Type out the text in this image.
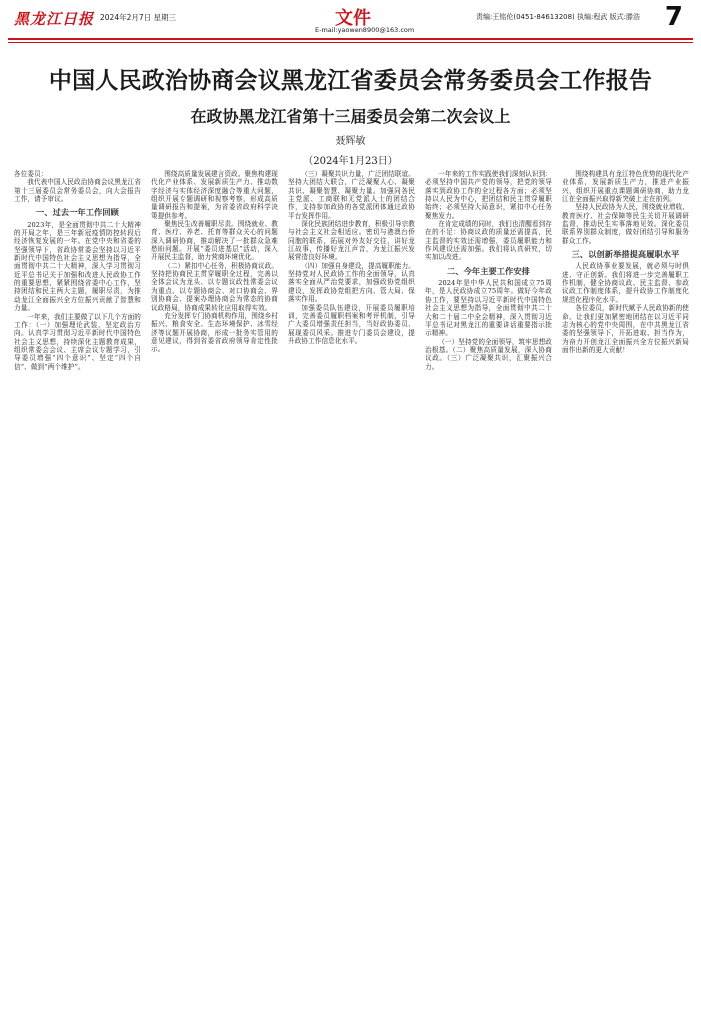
黑龙江日报 2024年2月7日 星期三	文件
E-mail:yaowen8900@163.com
责编:王铭伦(0451-84613208) 执编:程武 版式:滕浩 7
中国人民政治协商会议黑龙江省委员会常务委员会工作报告
在政协黑龙江省第十三届委员会第二次会议上
聂辉敏
（2024年1月23日）

各位委员：

我代表中国人民政治协商会议黑龙江省第十三届委员会常务委员会，向大会报告工作，请予审议。

一、过去一年工作回顾

2023年，是全面贯彻中共二十大精神的开局之年，是三年新冠疫情防控转段后经济恢复发展的一年。在党中央和省委的坚强领导下，省政协常委会坚持以习近平新时代中国特色社会主义思想为指导，全面贯彻中共二十大精神，深入学习贯彻习近平总书记关于加强和改进人民政协工作的重要思想，紧紧围绕省委中心工作，坚持团结和民主两大主题，履职尽责，为推动龙江全面振兴全方位振兴贡献了智慧和力量。

一年来，我们主要做了以下几个方面的工作：（一）加强理论武装，坚定政治方向。认真学习贯彻习近平新时代中国特色社会主义思想，持续深化主题教育成果，组织常委会会议、主席会议专题学习，引导委员增强“四个意识”、坚定“四个自信”、做到“两个维护”。

围绕高质量发展建言资政。聚焦构建现代化产业体系、发展新质生产力、推动数字经济与实体经济深度融合等重大问题，组织开展专题调研和视察考察，形成高质量调研报告和提案，为省委省政府科学决策提供参考。

聚焦民生改善履职尽责。围绕就业、教育、医疗、养老、托育等群众关心的问题深入调研协商，推动解决了一批群众急难愁盼问题。开展“委员进基层”活动，深入开展民主监督，助力营商环境优化。

（二）紧扣中心任务，积极协商议政。坚持把协商民主贯穿履职全过程，完善以全体会议为龙头、以专题议政性常委会议为重点、以专题协商会、对口协商会、界别协商会、提案办理协商会为常态的协商议政格局，协商成果转化应用取得实效。

充分发挥专门协商机构作用，围绕乡村振兴、粮食安全、生态环境保护、冰雪经济等议题开展协商，形成一批务实管用的意见建议，得到省委省政府领导肯定性批示。

（三）凝聚共识力量，广泛团结联谊。坚持大团结大联合，广泛凝聚人心、凝聚共识、凝聚智慧、凝聚力量。加强同各民主党派、工商联和无党派人士的团结合作，支持参加政协的各党派团体通过政协平台发挥作用。

深化民族团结进步教育，积极引导宗教与社会主义社会相适应。密切与港澳台侨同胞的联系，拓展对外友好交往，讲好龙江故事，传播好龙江声音，为龙江振兴发展营造良好环境。

（四）加强自身建设，提高履职能力。坚持党对人民政协工作的全面领导，认真落实全面从严治党要求，加强政协党组织建设，发挥政协党组把方向、管大局、保落实作用。

加强委员队伍建设，开展委员履职培训，完善委员履职档案和考评机制，引导广大委员增强责任担当，当好政协委员、展现委员风采。推进专门委员会建设，提升政协工作信息化水平。

一年来的工作实践使我们深刻认识到：必须坚持中国共产党的领导，把党的领导落实到政协工作的全过程各方面；必须坚持以人民为中心，把团结和民主贯穿履职始终；必须坚持大局意识，紧扣中心任务聚焦发力。

在肯定成绩的同时，我们也清醒看到存在的不足：协商议政的质量还需提高，民主监督的实效还需增强，委员履职能力和作风建设还需加强。我们将认真研究，切实加以改进。

二、今年主要工作安排

2024年是中华人民共和国成立75周年，是人民政协成立75周年。做好今年政协工作，要坚持以习近平新时代中国特色社会主义思想为指导，全面贯彻中共二十大和二十届二中全会精神，深入贯彻习近平总书记对黑龙江的重要讲话重要指示批示精神。

（一）坚持党的全面领导，筑牢思想政治根基。（二）聚焦高质量发展，深入协商议政。（三）广泛凝聚共识，汇聚振兴合力。

围绕构建具有龙江特色优势的现代化产业体系，发展新质生产力，推进产业振兴，组织开展重点课题调研协商，助力龙江在全面振兴取得新突破上走在前列。

坚持人民政协为人民，围绕就业增收、教育医疗、社会保障等民生关切开展调研监督，推动民生实事落地见效。深化委员联系界别群众制度，做好团结引导和服务群众工作。

三、以创新举措提高履职水平

人民政协事业要发展，就必须与时俱进、守正创新。我们将进一步完善履职工作机制，健全协商议政、民主监督、参政议政工作制度体系，提升政协工作制度化规范化程序化水平。

各位委员，新时代赋予人民政协新的使命。让我们更加紧密地团结在以习近平同志为核心的党中央周围，在中共黑龙江省委的坚强领导下，开拓进取、担当作为，为奋力开创龙江全面振兴全方位振兴新局面作出新的更大贡献！
